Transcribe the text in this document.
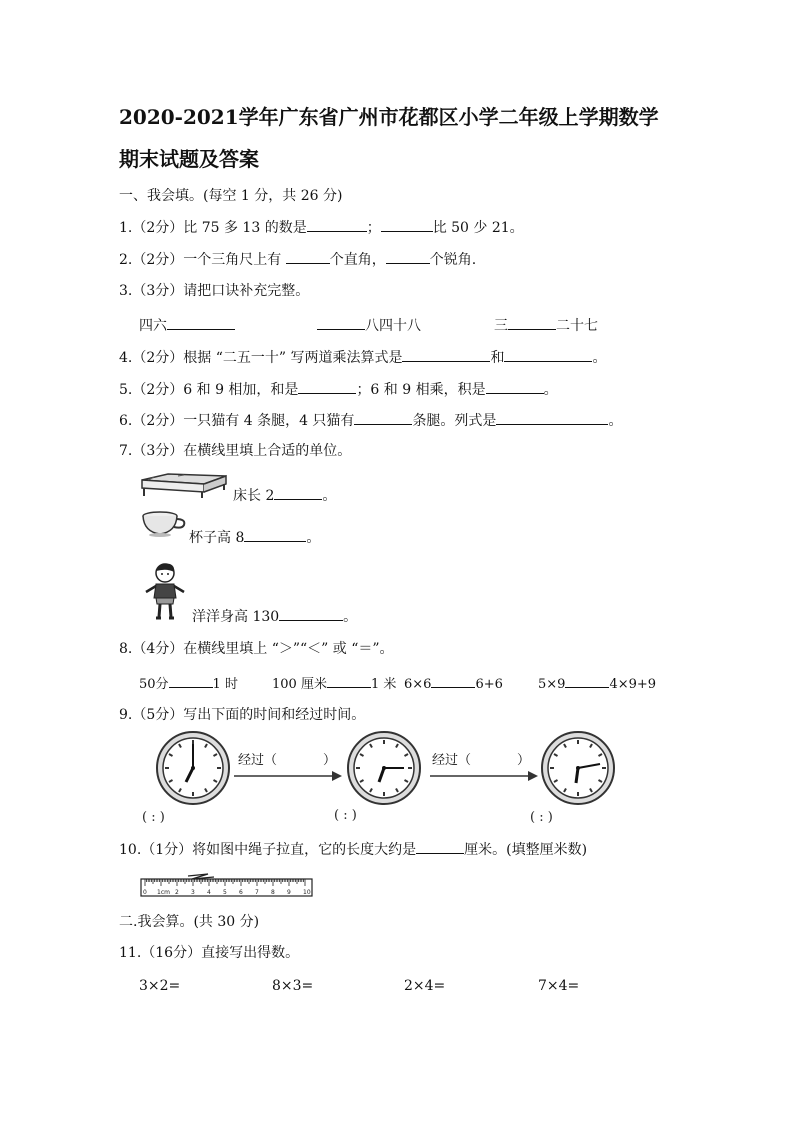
2020-2021学年广东省广州市花都区小学二年级上学期数学
期末试题及答案
一、我会填。(每空 1 分，共 26 分)
1.（2分）比 75 多 13 的数是	；	比 50 少 21。
2.（2分）一个三角尺上有	个直角，	个锐角.
3.（3分）请把口诀补充完整。
四六	八四十八	三	二十七
4.（2分）根据 “二五一十” 写两道乘法算式是	和	。
5.（2分）6 和 9 相加，和是	；6 和 9 相乘，积是	。
6.（2分）一只猫有 4 条腿，4 只猫有	条腿。列式是	。
7.（3分）在横线里填上合适的单位。
床长 2	。
杯子高 8	。
洋洋身高 130	。
8.（4分）在横线里填上 “＞”“＜” 或 “＝”。
50分	1 时	100 厘米	1 米 6×6	6+6	5×9	4×9+9
9.（5分）写出下面的时间和经过时间。
经过（	）	经过（	）
( : )	( : )	( : )
10.（1分）将如图中绳子拉直，它的长度大约是	厘米。(填整厘米数)
0 1cm 2 3 4 5 6 7 8 9 10
二.我会算。(共 30 分)
11.（16分）直接写出得数。
3×2=	8×3=	2×4=	7×4=
